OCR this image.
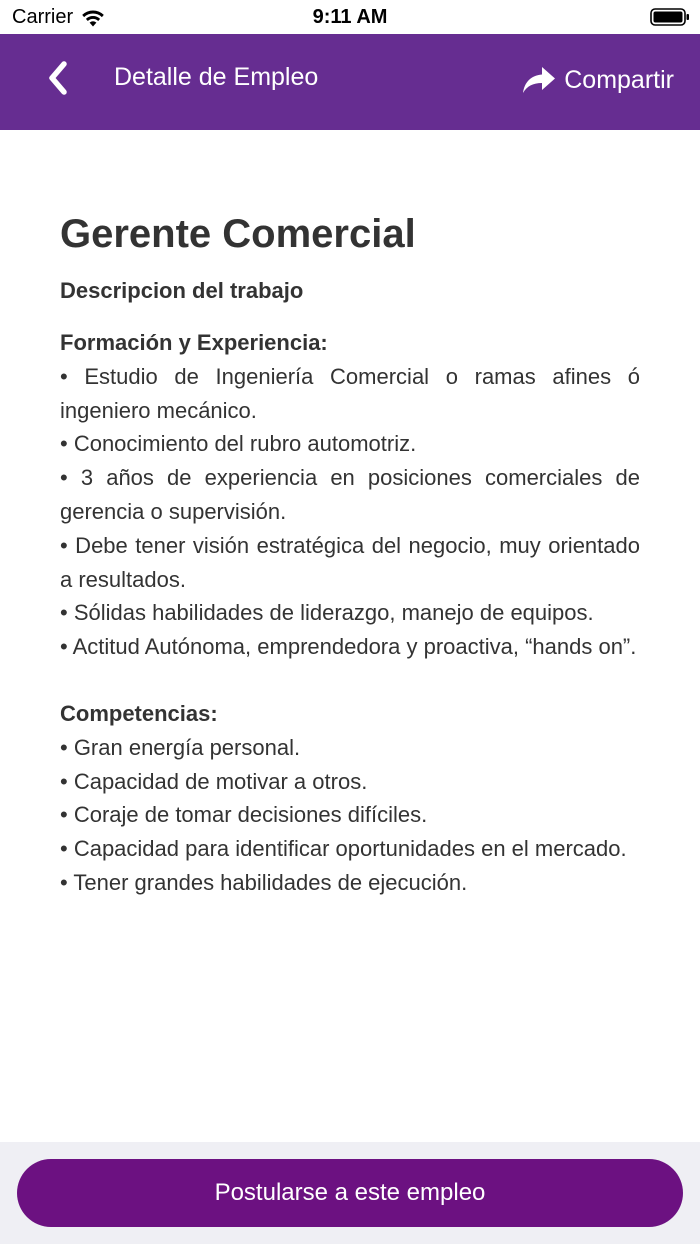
Carrier	9:11 AM
Detalle de Empleo	Compartir
Gerente Comercial
Descripcion del trabajo
Formación y Experiencia:

• Estudio de Ingeniería Comercial o ramas afines ó ingeniero mecánico.

• Conocimiento del rubro automotriz.

• 3 años de experiencia en posiciones comerciales de gerencia o supervisión.

• Debe tener visión estratégica del negocio, muy orientado a resultados.

• Sólidas habilidades de liderazgo, manejo de equipos.

• Actitud Autónoma, emprendedora y proactiva, “hands on”.

Competencias:

• Gran energía personal.

• Capacidad de motivar a otros.

• Coraje de tomar decisiones difíciles.

• Capacidad para identificar oportunidades en el mercado.

• Tener grandes habilidades de ejecución.

Postularse a este empleo
